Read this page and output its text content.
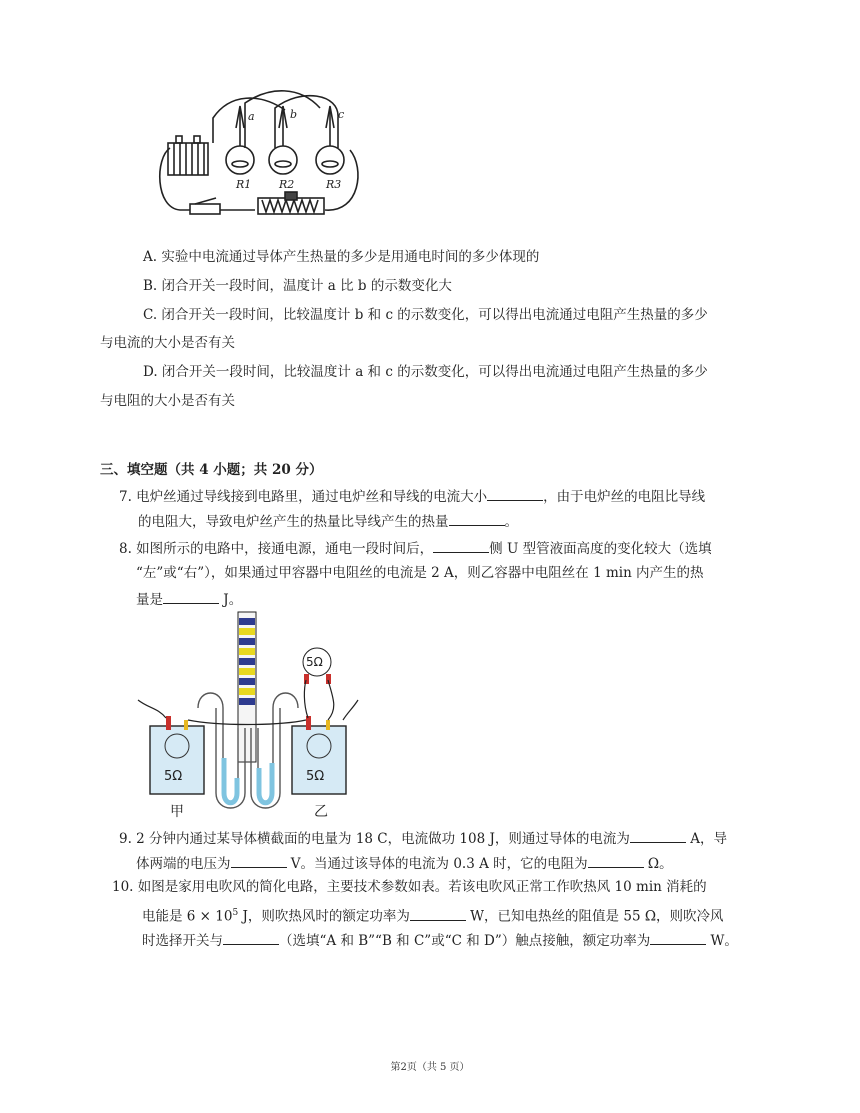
a	b	c
R1	R2	R3
A. 实验中电流通过导体产生热量的多少是用通电时间的多少体现的
B. 闭合开关一段时间，温度计 a 比 b 的示数变化大
C. 闭合开关一段时间，比较温度计 b 和 c 的示数变化，可以得出电流通过电阻产生热量的多少
与电流的大小是否有关
D. 闭合开关一段时间，比较温度计 a 和 c 的示数变化，可以得出电流通过电阻产生热量的多少
与电阻的大小是否有关
三、填空题（共 4 小题；共 20 分）
7. 电炉丝通过导线接到电路里，通过电炉丝和导线的电流大小	，由于电炉丝的电阻比导线
的电阻大，导致电炉丝产生的热量比导线产生的热量	。
8. 如图所示的电路中，接通电源，通电一段时间后，	侧 U 型管液面高度的变化较大（选填
“左”或“右”），如果通过甲容器中电阻丝的电流是 2 A，则乙容器中电阻丝在 1 min 内产生的热
量是	J。
5Ω
5Ω	5Ω
甲	乙
9. 2 分钟内通过某导体横截面的电量为 18 C，电流做功 108 J，则通过导体的电流为	A，导
体两端的电压为	V。当通过该导体的电流为 0.3 A 时，它的电阻为	Ω。
10. 如图是家用电吹风的简化电路，主要技术参数如表。若该电吹风正常工作吹热风 10 min 消耗的
电能是 $6 \times 10^5$ J，则吹热风时的额定功率为	W，已知电热丝的阻值是 55 Ω，则吹冷风
时选择开关与	（选填“A 和 B”“B 和 C”或“C 和 D”）触点接触，额定功率为	W。
第2页（共 5 页）
